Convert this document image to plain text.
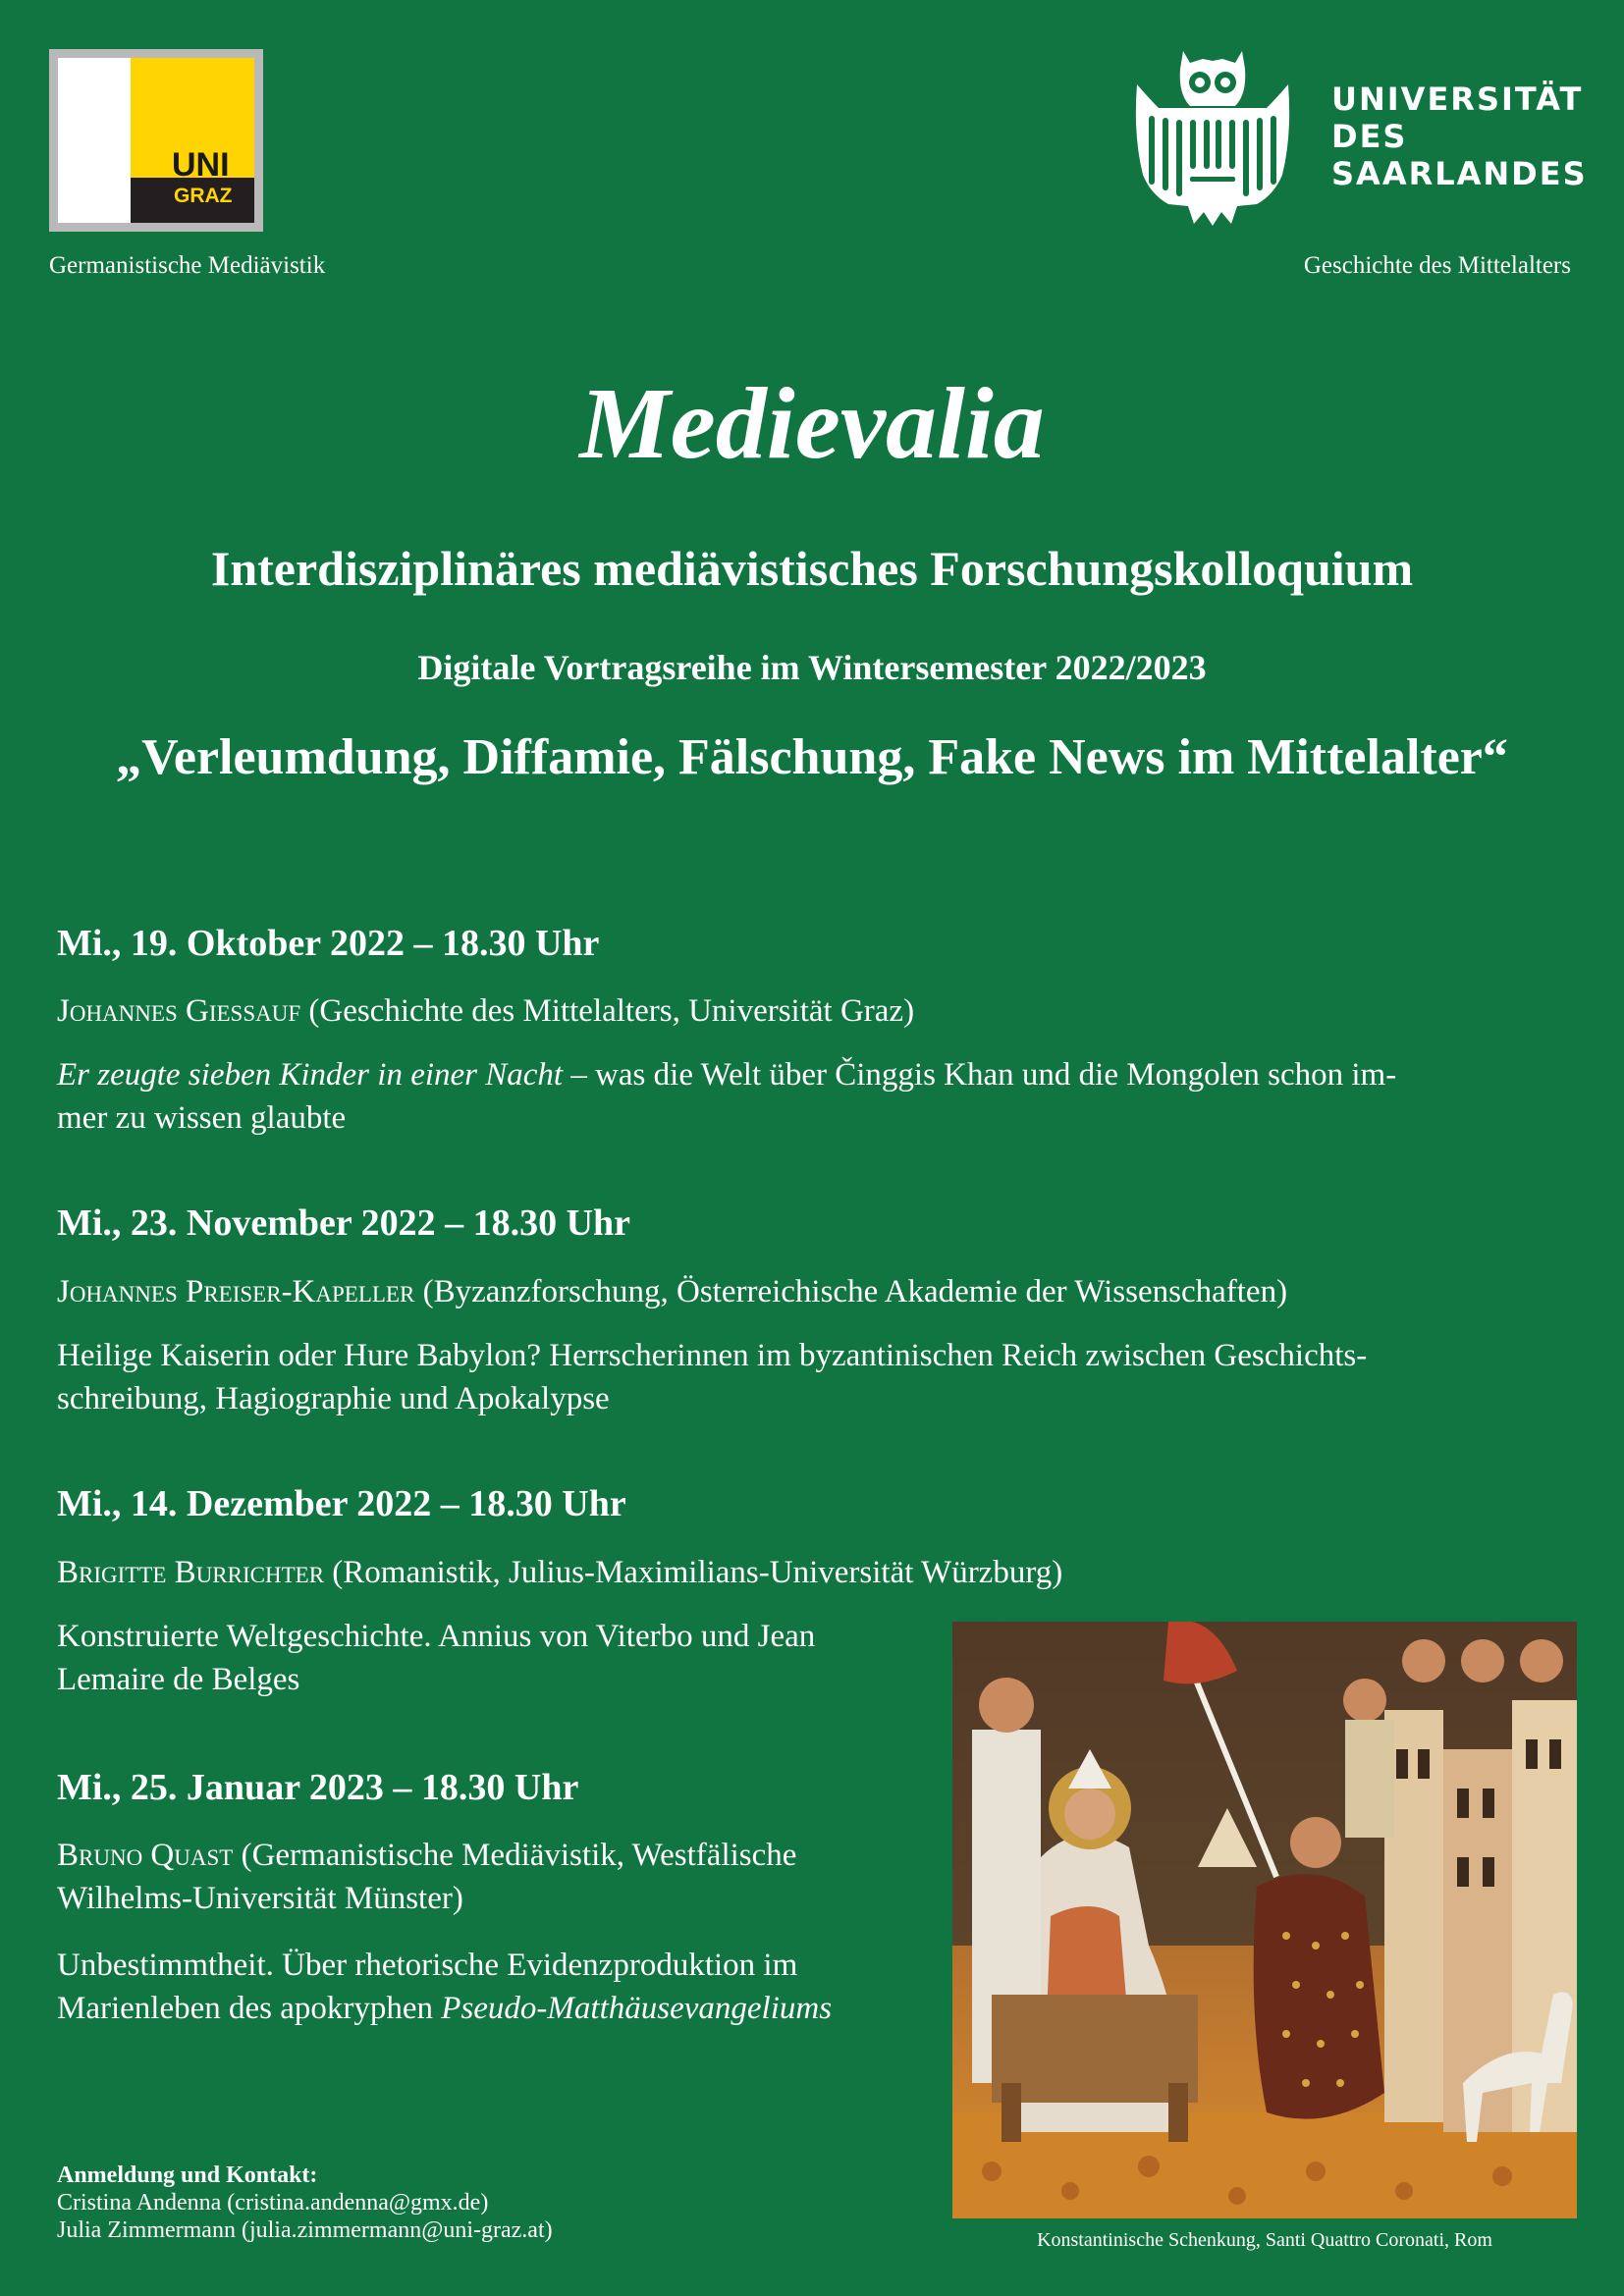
UNI
GRAZ
Germanistische Mediävistik
UNIVERSITÄT
DES
SAARLANDES
Geschichte des Mittelalters
Medievalia
Interdisziplinäres mediävistisches Forschungskolloquium
Digitale Vortragsreihe im Wintersemester 2022/2023
„Verleumdung, Diffamie, Fälschung, Fake News im Mittelalter“
Mi., 19. Oktober 2022 – 18.30 Uhr
Johannes Gießauf (Geschichte des Mittelalters, Universität Graz)
Er zeugte sieben Kinder in einer Nacht – was die Welt über Činggis Khan und die Mongolen schon im-
mer zu wissen glaubte
Mi., 23. November 2022 – 18.30 Uhr
Johannes Preiser-Kapeller (Byzanzforschung, Österreichische Akademie der Wissenschaften)
Heilige Kaiserin oder Hure Babylon? Herrscherinnen im byzantinischen Reich zwischen Geschichts-
schreibung, Hagiographie und Apokalypse
Mi., 14. Dezember 2022 – 18.30 Uhr
Brigitte Burrichter (Romanistik, Julius-Maximilians-Universität Würzburg)
Konstruierte Weltgeschichte. Annius von Viterbo und Jean
Lemaire de Belges
Mi., 25. Januar 2023 – 18.30 Uhr
Bruno Quast (Germanistische Mediävistik, Westfälische
Wilhelms-Universität Münster)
Unbestimmtheit. Über rhetorische Evidenzproduktion im
Marienleben des apokryphen Pseudo-Matthäusevangeliums
Konstantinische Schenkung, Santi Quattro Coronati, Rom
Anmeldung und Kontakt:
Cristina Andenna (cristina.andenna@gmx.de)
Julia Zimmermann (julia.zimmermann@uni-graz.at)
